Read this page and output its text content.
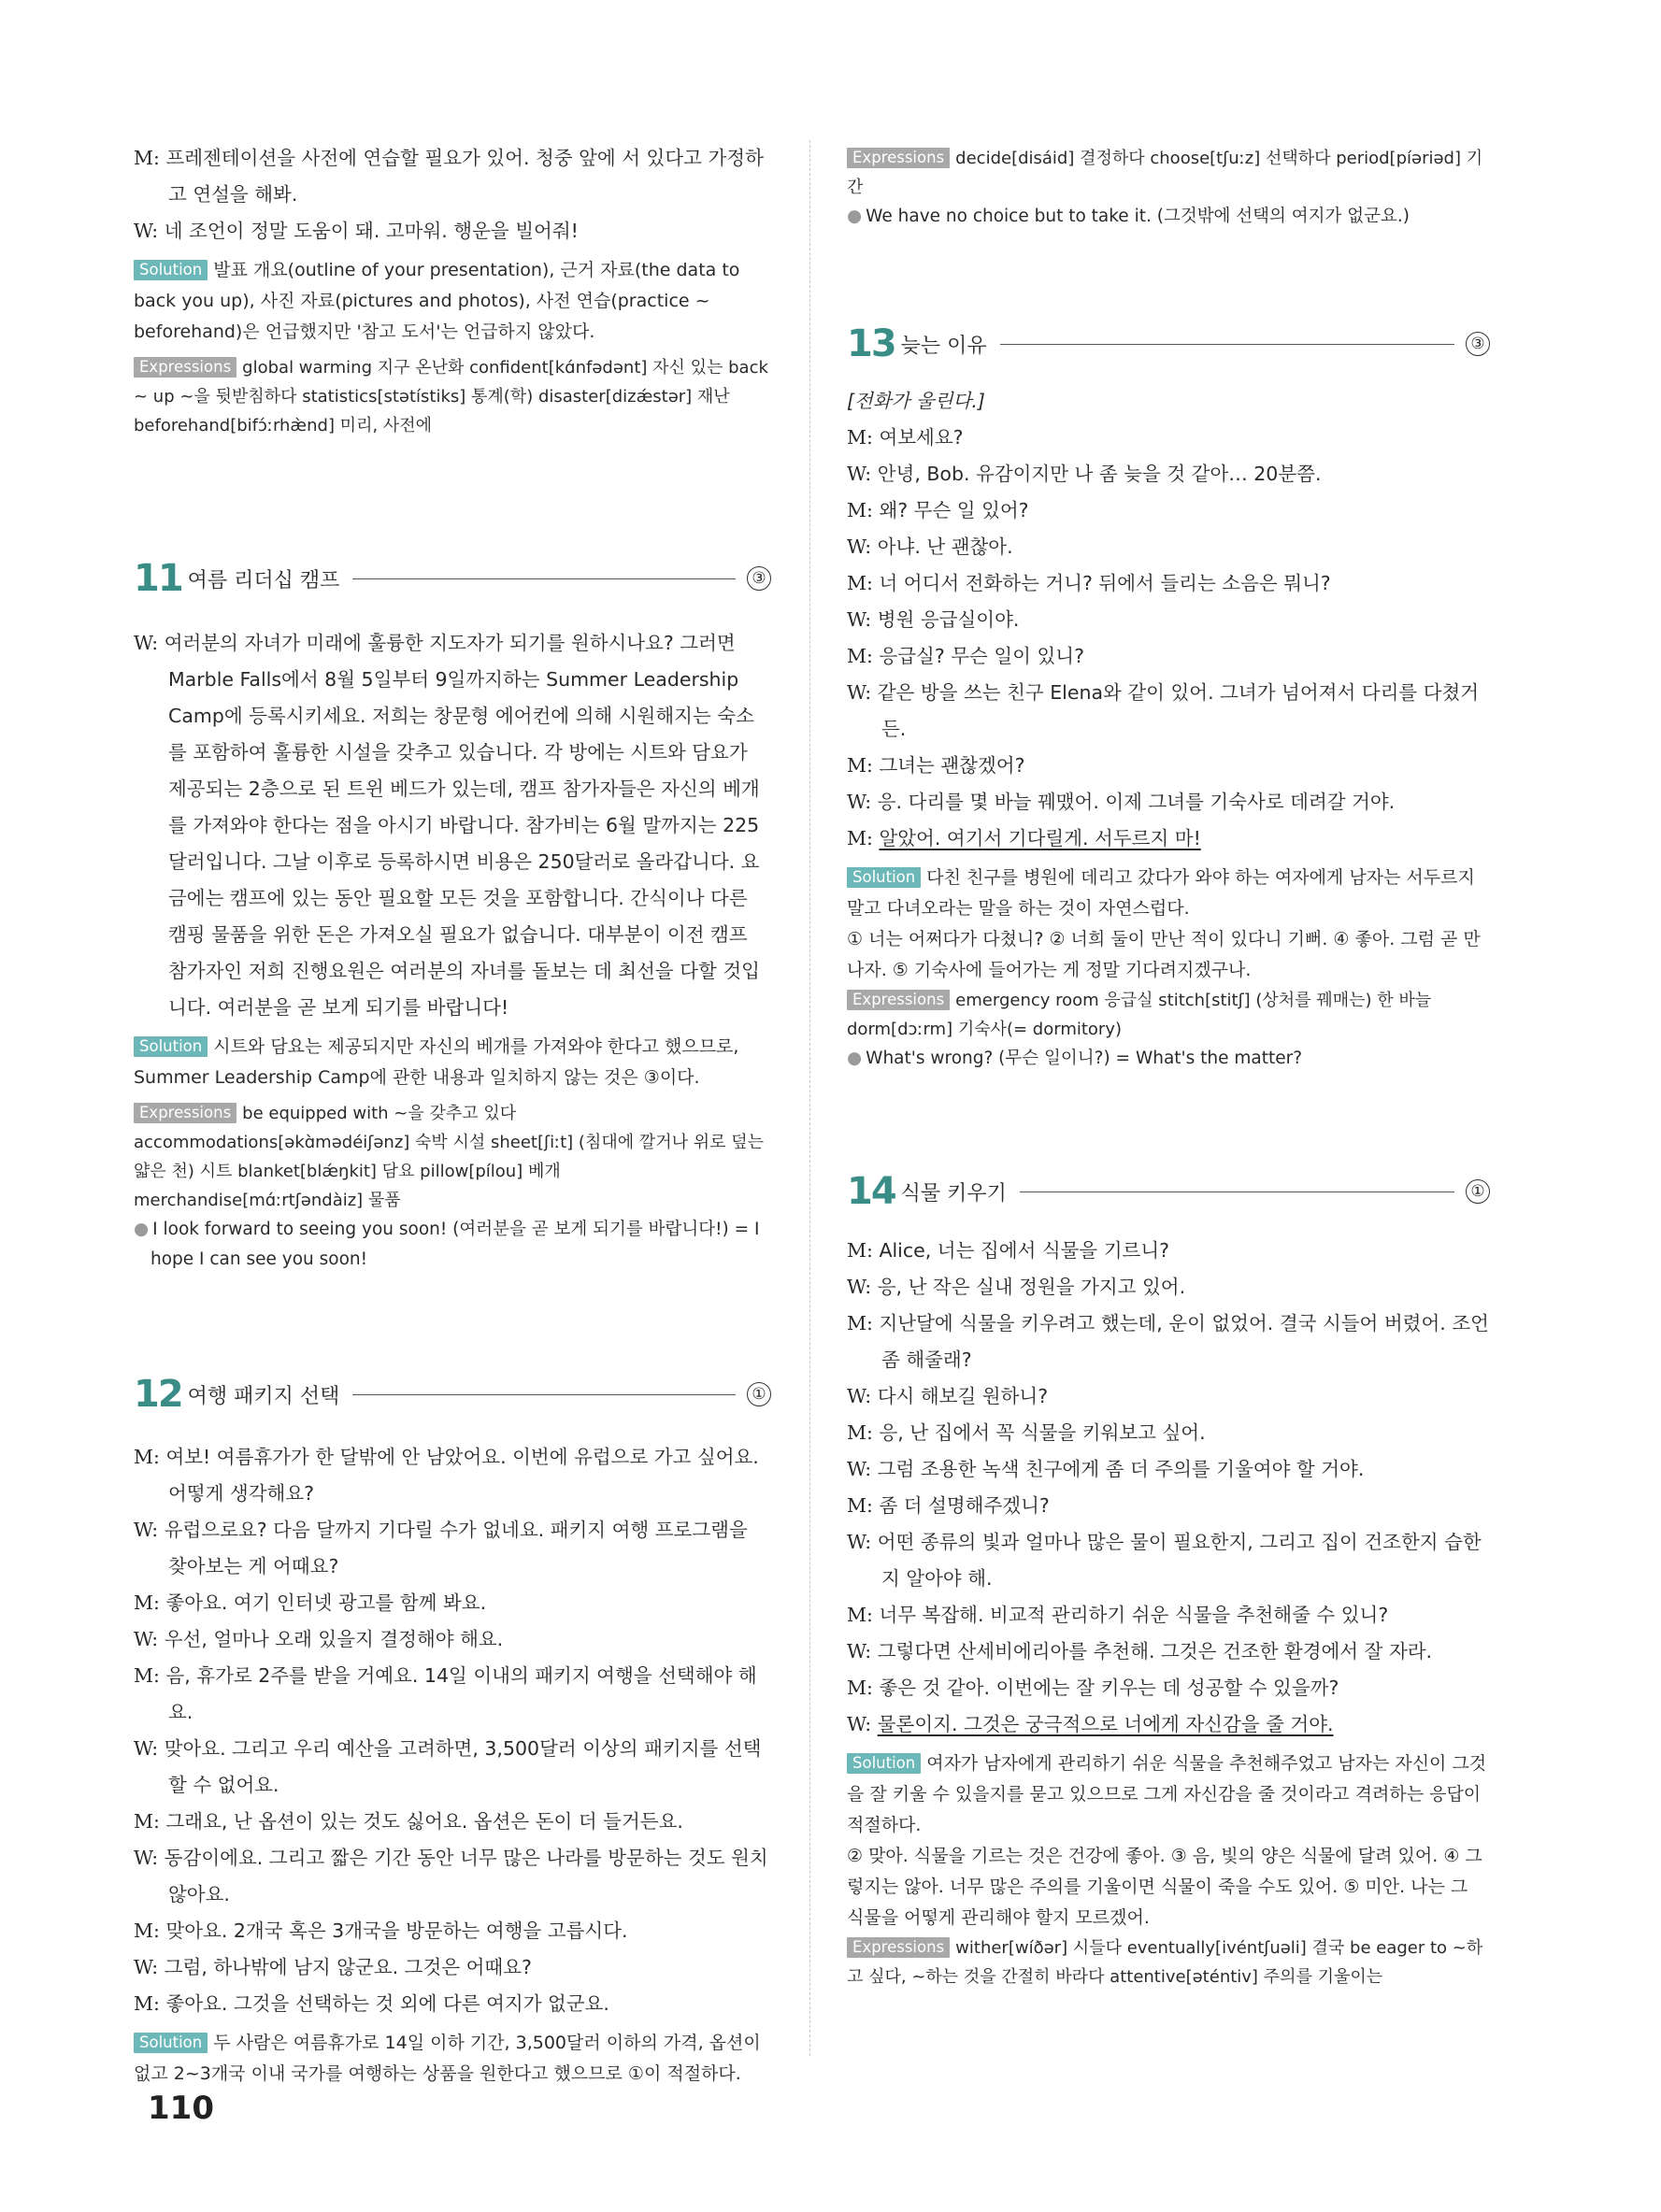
M: 프레젠테이션을 사전에 연습할 필요가 있어. 청중 앞에 서 있다고 가정하고 연설을 해봐.

W: 네 조언이 정말 도움이 돼. 고마워. 행운을 빌어줘!

Solution 발표 개요(outline of your presentation), 근거 자료(the data to back you up), 사진 자료(pictures and photos), 사전 연습(practice ~ beforehand)은 언급했지만 '참고 도서'는 언급하지 않았다.

Expressions global warming 지구 온난화 confident[kɑ́nfədənt] 자신 있는 back ~ up ~을 뒷받침하다 statistics[stətístiks] 통계(학) disaster[dizǽstər] 재난 beforehand[bifɔ́ːrhæ̀nd] 미리, 사전에

11 여름 리더십 캠프	③

W: 여러분의 자녀가 미래에 훌륭한 지도자가 되기를 원하시나요? 그러면 Marble Falls에서 8월 5일부터 9일까지하는 Summer Leadership Camp에 등록시키세요. 저희는 창문형 에어컨에 의해 시원해지는 숙소를 포함하여 훌륭한 시설을 갖추고 있습니다. 각 방에는 시트와 담요가 제공되는 2층으로 된 트윈 베드가 있는데, 캠프 참가자들은 자신의 베개를 가져와야 한다는 점을 아시기 바랍니다. 참가비는 6월 말까지는 225달러입니다. 그날 이후로 등록하시면 비용은 250달러로 올라갑니다. 요금에는 캠프에 있는 동안 필요할 모든 것을 포함합니다. 간식이나 다른 캠핑 물품을 위한 돈은 가져오실 필요가 없습니다. 대부분이 이전 캠프 참가자인 저희 진행요원은 여러분의 자녀를 돌보는 데 최선을 다할 것입니다. 여러분을 곧 보게 되기를 바랍니다!

Solution 시트와 담요는 제공되지만 자신의 베개를 가져와야 한다고 했으므로, Summer Leadership Camp에 관한 내용과 일치하지 않는 것은 ③이다.

Expressions be equipped with ~을 갖추고 있다 accommodations[əkɑ̀mədéiʃənz] 숙박 시설 sheet[ʃiːt] (침대에 깔거나 위로 덮는 얇은 천) 시트 blanket[blǽŋkit] 담요 pillow[pílou] 베개 merchandise[mɑ́ːrtʃəndàiz] 물품

● I look forward to seeing you soon! (여러분을 곧 보게 되기를 바랍니다!) = I hope I can see you soon!

12 여행 패키지 선택	①

M: 여보! 여름휴가가 한 달밖에 안 남았어요. 이번에 유럽으로 가고 싶어요. 어떻게 생각해요?

W: 유럽으로요? 다음 달까지 기다릴 수가 없네요. 패키지 여행 프로그램을 찾아보는 게 어때요?

M: 좋아요. 여기 인터넷 광고를 함께 봐요.

W: 우선, 얼마나 오래 있을지 결정해야 해요.

M: 음, 휴가로 2주를 받을 거예요. 14일 이내의 패키지 여행을 선택해야 해요.

W: 맞아요. 그리고 우리 예산을 고려하면, 3,500달러 이상의 패키지를 선택할 수 없어요.

M: 그래요, 난 옵션이 있는 것도 싫어요. 옵션은 돈이 더 들거든요.

W: 동감이에요. 그리고 짧은 기간 동안 너무 많은 나라를 방문하는 것도 원치 않아요.

M: 맞아요. 2개국 혹은 3개국을 방문하는 여행을 고릅시다.

W: 그럼, 하나밖에 남지 않군요. 그것은 어때요?

M: 좋아요. 그것을 선택하는 것 외에 다른 여지가 없군요.

Solution 두 사람은 여름휴가로 14일 이하 기간, 3,500달러 이하의 가격, 옵션이 없고 2~3개국 이내 국가를 여행하는 상품을 원한다고 했으므로 ①이 적절하다.

Expressions decide[disáid] 결정하다 choose[tʃuːz] 선택하다 period[píəriəd] 기간

● We have no choice but to take it. (그것밖에 선택의 여지가 없군요.)

13 늦는 이유	③

[전화가 울린다.]

M: 여보세요?

W: 안녕, Bob. 유감이지만 나 좀 늦을 것 같아… 20분쯤.

M: 왜? 무슨 일 있어?

W: 아냐. 난 괜찮아.

M: 너 어디서 전화하는 거니? 뒤에서 들리는 소음은 뭐니?

W: 병원 응급실이야.

M: 응급실? 무슨 일이 있니?

W: 같은 방을 쓰는 친구 Elena와 같이 있어. 그녀가 넘어져서 다리를 다쳤거든.

M: 그녀는 괜찮겠어?

W: 응. 다리를 몇 바늘 꿰맸어. 이제 그녀를 기숙사로 데려갈 거야.

M: 알았어. 여기서 기다릴게. 서두르지 마!

Solution 다친 친구를 병원에 데리고 갔다가 와야 하는 여자에게 남자는 서두르지 말고 다녀오라는 말을 하는 것이 자연스럽다.

① 너는 어쩌다가 다쳤니? ② 너희 둘이 만난 적이 있다니 기뻐. ④ 좋아. 그럼 곧 만나자. ⑤ 기숙사에 들어가는 게 정말 기다려지겠구나.

Expressions emergency room 응급실 stitch[stitʃ] (상처를 꿰매는) 한 바늘 dorm[dɔːrm] 기숙사(= dormitory)

● What's wrong? (무슨 일이니?) = What's the matter?

14 식물 키우기	①

M: Alice, 너는 집에서 식물을 기르니?

W: 응, 난 작은 실내 정원을 가지고 있어.

M: 지난달에 식물을 키우려고 했는데, 운이 없었어. 결국 시들어 버렸어. 조언 좀 해줄래?

W: 다시 해보길 원하니?

M: 응, 난 집에서 꼭 식물을 키워보고 싶어.

W: 그럼 조용한 녹색 친구에게 좀 더 주의를 기울여야 할 거야.

M: 좀 더 설명해주겠니?

W: 어떤 종류의 빛과 얼마나 많은 물이 필요한지, 그리고 집이 건조한지 습한지 알아야 해.

M: 너무 복잡해. 비교적 관리하기 쉬운 식물을 추천해줄 수 있니?

W: 그렇다면 산세비에리아를 추천해. 그것은 건조한 환경에서 잘 자라.

M: 좋은 것 같아. 이번에는 잘 키우는 데 성공할 수 있을까?

W: 물론이지. 그것은 궁극적으로 너에게 자신감을 줄 거야.

Solution 여자가 남자에게 관리하기 쉬운 식물을 추천해주었고 남자는 자신이 그것을 잘 키울 수 있을지를 묻고 있으므로 그게 자신감을 줄 것이라고 격려하는 응답이 적절하다.

② 맞아. 식물을 기르는 것은 건강에 좋아. ③ 음, 빛의 양은 식물에 달려 있어. ④ 그렇지는 않아. 너무 많은 주의를 기울이면 식물이 죽을 수도 있어. ⑤ 미안. 나는 그 식물을 어떻게 관리해야 할지 모르겠어.

Expressions wither[wíðər] 시들다 eventually[ivéntʃuəli] 결국 be eager to ~하고 싶다, ~하는 것을 간절히 바라다 attentive[əténtiv] 주의를 기울이는

110
